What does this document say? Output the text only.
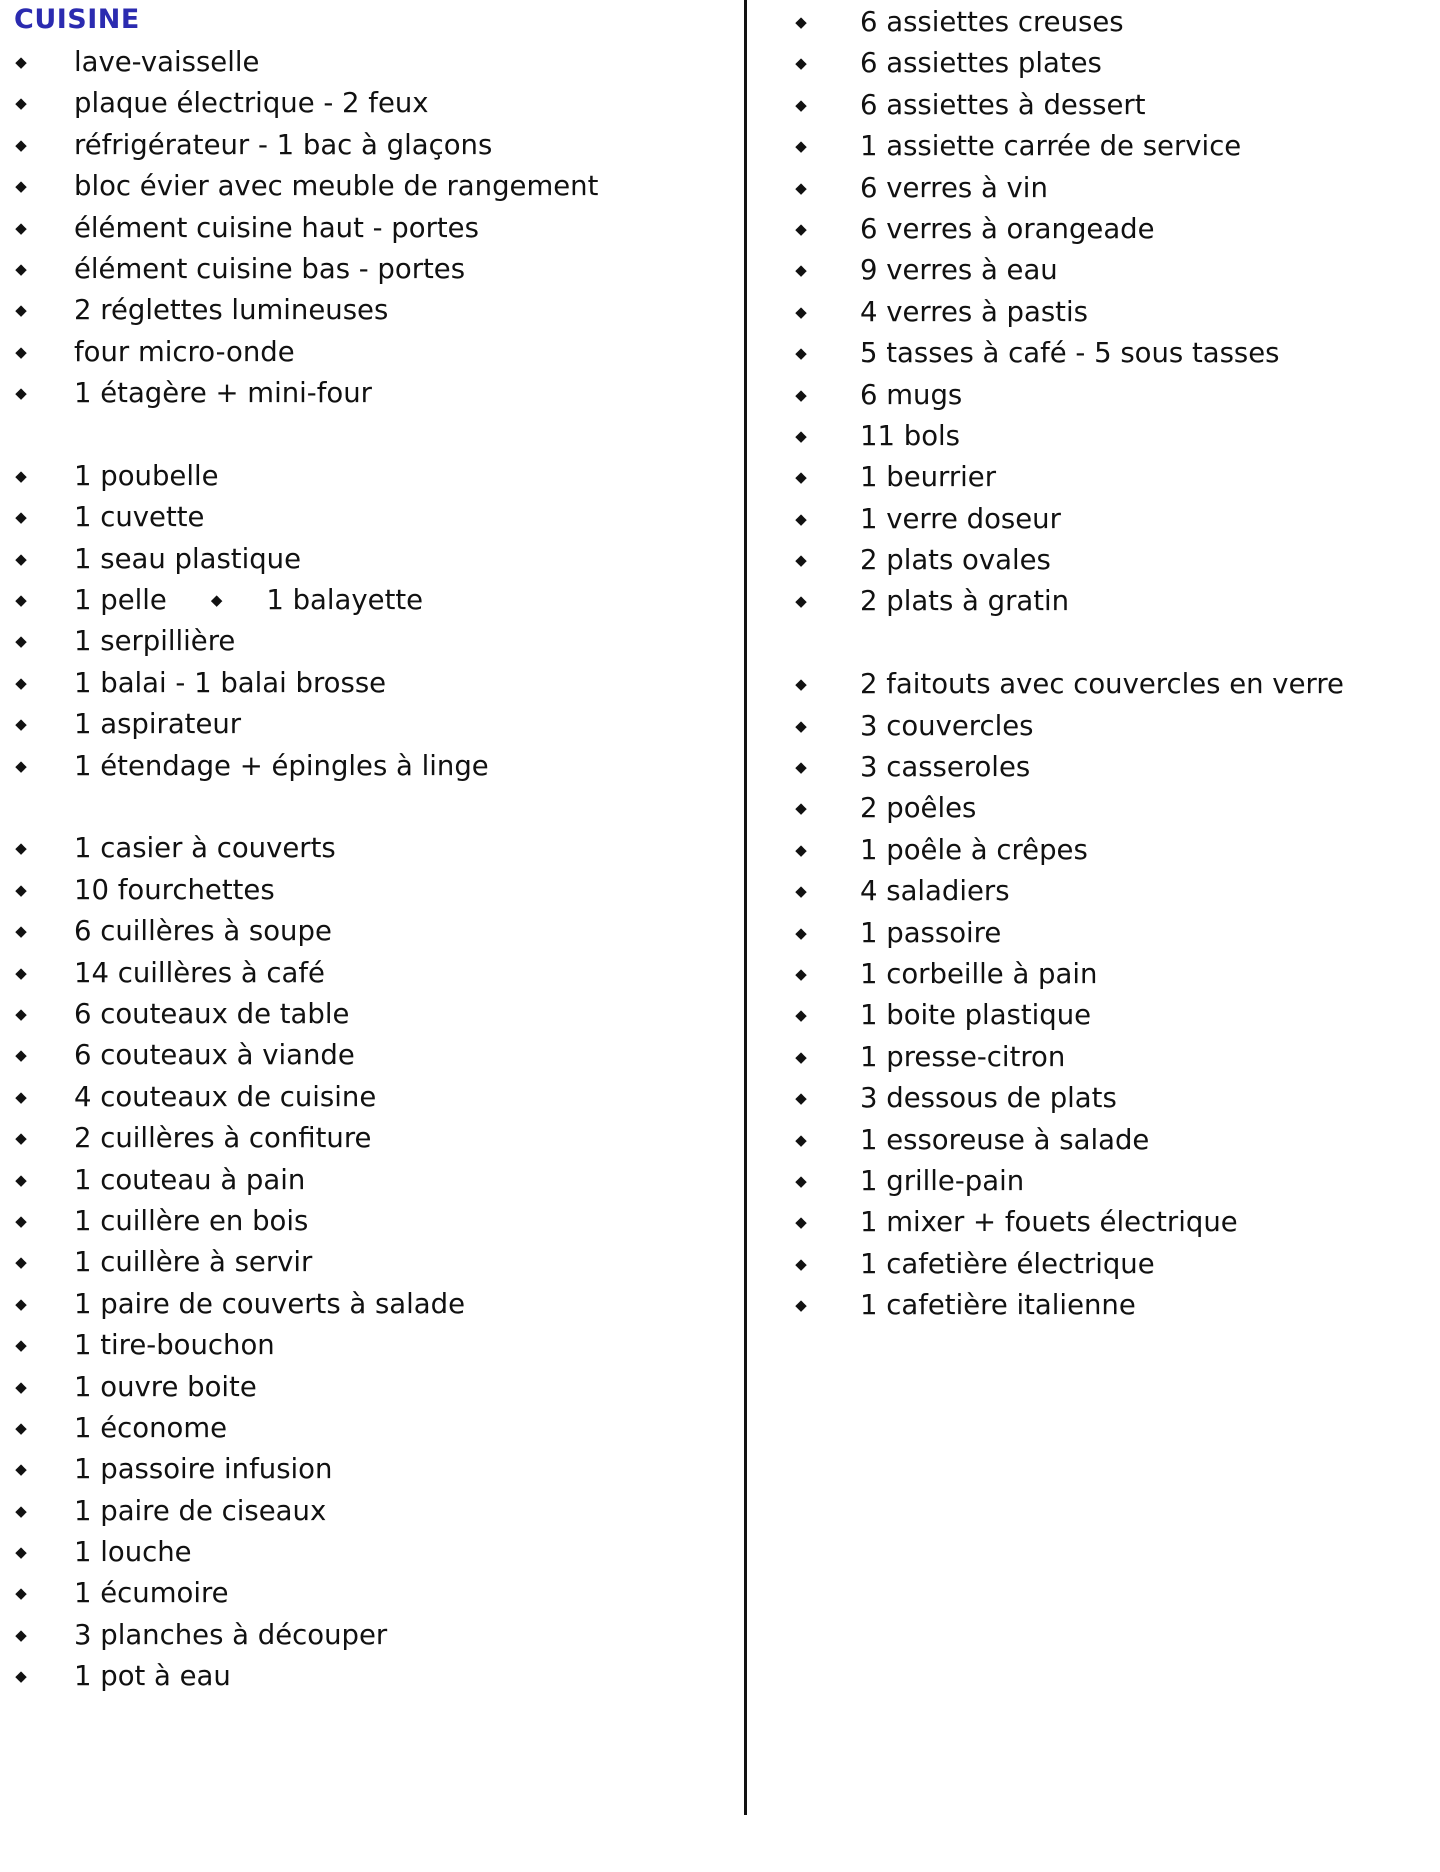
CUISINE
◆ lave-vaisselle
◆ plaque électrique - 2 feux
◆ réfrigérateur - 1 bac à glaçons
◆ bloc évier avec meuble de rangement
◆ élément cuisine haut - portes
◆ élément cuisine bas - portes
◆ 2 réglettes lumineuses
◆ four micro-onde
◆ 1 étagère + mini-four
◆ 1 poubelle
◆ 1 cuvette
◆ 1 seau plastique
◆ 1 pelle	◆ 1 balayette
◆ 1 serpillière
◆ 1 balai - 1 balai brosse
◆ 1 aspirateur
◆ 1 étendage + épingles à linge
◆ 1 casier à couverts
◆ 10 fourchettes
◆ 6 cuillères à soupe
◆ 14 cuillères à café
◆ 6 couteaux de table
◆ 6 couteaux à viande
◆ 4 couteaux de cuisine
◆ 2 cuillères à confiture
◆ 1 couteau à pain
◆ 1 cuillère en bois
◆ 1 cuillère à servir
◆ 1 paire de couverts à salade
◆ 1 tire-bouchon
◆ 1 ouvre boite
◆ 1 économe
◆ 1 passoire infusion
◆ 1 paire de ciseaux
◆ 1 louche
◆ 1 écumoire
◆ 3 planches à découper
◆ 1 pot à eau
◆ 6 assiettes creuses
◆ 6 assiettes plates
◆ 6 assiettes à dessert
◆ 1 assiette carrée de service
◆ 6 verres à vin
◆ 6 verres à orangeade
◆ 9 verres à eau
◆ 4 verres à pastis
◆ 5 tasses à café - 5 sous tasses
◆ 6 mugs
◆ 11 bols
◆ 1 beurrier
◆ 1 verre doseur
◆ 2 plats ovales
◆ 2 plats à gratin
◆ 2 faitouts avec couvercles en verre
◆ 3 couvercles
◆ 3 casseroles
◆ 2 poêles
◆ 1 poêle à crêpes
◆ 4 saladiers
◆ 1 passoire
◆ 1 corbeille à pain
◆ 1 boite plastique
◆ 1 presse-citron
◆ 3 dessous de plats
◆ 1 essoreuse à salade
◆ 1 grille-pain
◆ 1 mixer + fouets électrique
◆ 1 cafetière électrique
◆ 1 cafetière italienne
